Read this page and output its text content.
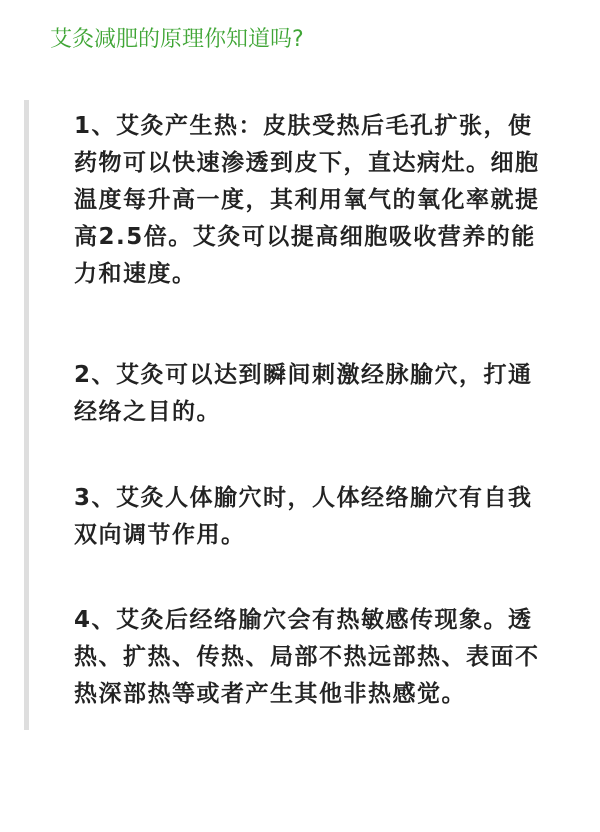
艾灸减肥的原理你知道吗?

1、艾灸产生热：皮肤受热后毛孔扩张，使药物可以快速渗透到皮下，直达病灶。细胞温度每升高一度，其利用氧气的氧化率就提高2.5倍。艾灸可以提高细胞吸收营养的能力和速度。

2、艾灸可以达到瞬间刺激经脉腧穴，打通经络之目的。

3、艾灸人体腧穴时，人体经络腧穴有自我双向调节作用。

4、艾灸后经络腧穴会有热敏感传现象。透热、扩热、传热、局部不热远部热、表面不热深部热等或者产生其他非热感觉。
